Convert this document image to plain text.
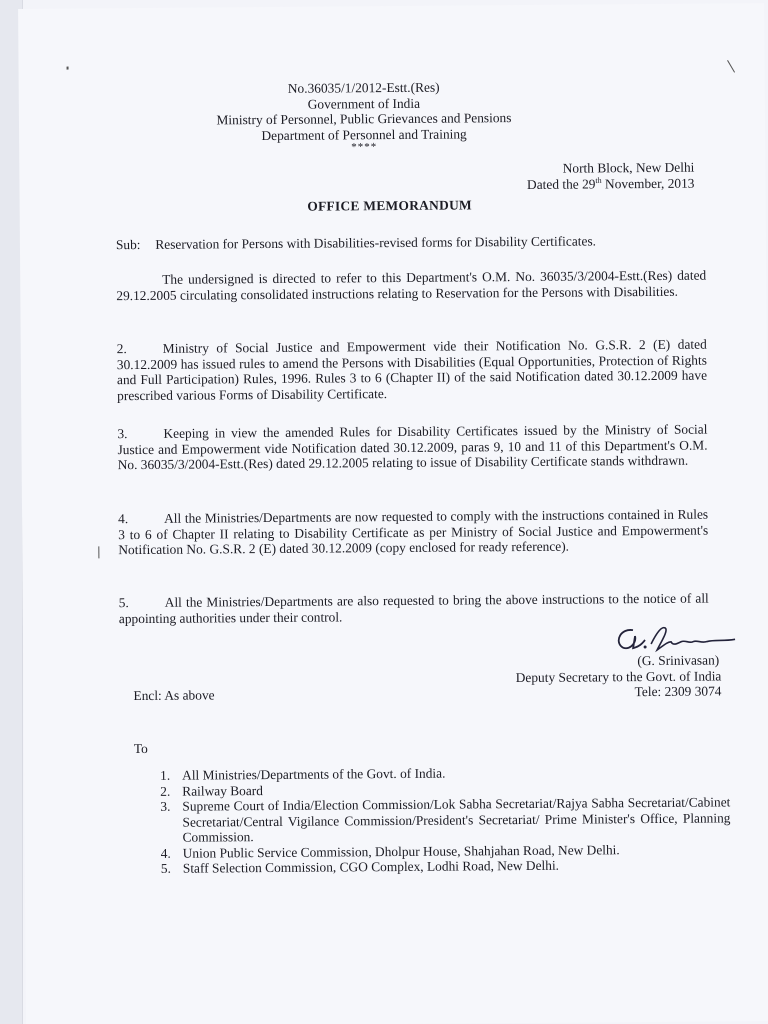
No.36035/1/2012-Estt.(Res)
Government of India
Ministry of Personnel, Public Grievances and Pensions
Department of Personnel and Training
****
North Block, New Delhi
Dated the 29th November, 2013
OFFICE MEMORANDUM
Sub: Reservation for Persons with Disabilities-revised forms for Disability Certificates.
The undersigned is directed to refer to this Department's O.M. No. 36035/3/2004-Estt.(Res) dated 29.12.2005 circulating consolidated instructions relating to Reservation for the Persons with Disabilities.
2.	Ministry of Social Justice and Empowerment vide their Notification No. G.S.R. 2 (E) dated 30.12.2009 has issued rules to amend the Persons with Disabilities (Equal Opportunities, Protection of Rights and Full Participation) Rules, 1996. Rules 3 to 6 (Chapter II) of the said Notification dated 30.12.2009 have prescribed various Forms of Disability Certificate.
3.	Keeping in view the amended Rules for Disability Certificates issued by the Ministry of Social Justice and Empowerment vide Notification dated 30.12.2009, paras 9, 10 and 11 of this Department's O.M. No. 36035/3/2004-Estt.(Res) dated 29.12.2005 relating to issue of Disability Certificate stands withdrawn.
4.	All the Ministries/Departments are now requested to comply with the instructions contained in Rules 3 to 6 of Chapter II relating to Disability Certificate as per Ministry of Social Justice and Empowerment's Notification No. G.S.R. 2 (E) dated 30.12.2009 (copy enclosed for ready reference).
5.	All the Ministries/Departments are also requested to bring the above instructions to the notice of all appointing authorities under their control.
(G. Srinivasan)
Deputy Secretary to the Govt. of India
Tele: 2309 3074
Encl: As above
To
1. All Ministries/Departments of the Govt. of India.
2. Railway Board
3. Supreme Court of India/Election Commission/Lok Sabha Secretariat/Rajya Sabha Secretariat/Cabinet Secretariat/Central Vigilance Commission/President's Secretariat/ Prime Minister's Office, Planning Commission.
4. Union Public Service Commission, Dholpur House, Shahjahan Road, New Delhi.
5. Staff Selection Commission, CGO Complex, Lodhi Road, New Delhi.
